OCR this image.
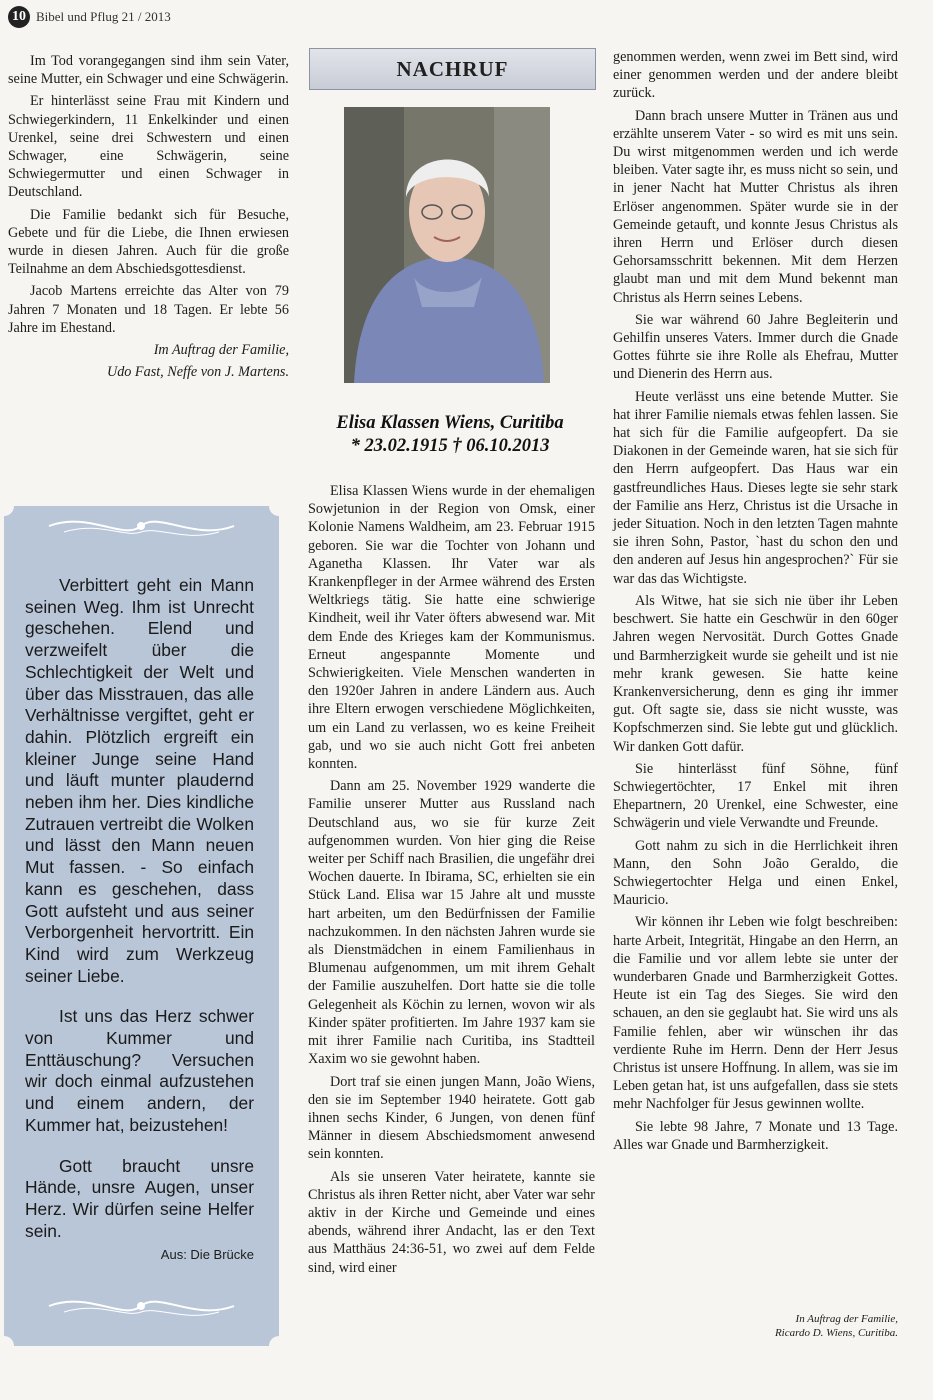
10 Bibel und Pflug 21 / 2013

Im Tod vorangegangen sind ihm sein Vater, seine Mutter, ein Schwager und eine Schwägerin.

Er hinterlässt seine Frau mit Kindern und Schwiegerkindern, 11 Enkelkinder und einen Urenkel, seine drei Schwestern und einen Schwager, eine Schwägerin, seine Schwiegermutter und einen Schwager in Deutschland.

Die Familie bedankt sich für Besuche, Gebete und für die Liebe, die Ihnen erwiesen wurde in diesen Jahren. Auch für die große Teilnahme an dem Abschiedsgottesdienst.

Jacob Martens erreichte das Alter von 79 Jahren 7 Monaten und 18 Tagen. Er lebte 56 Jahre im Ehestand.

Im Auftrag der Familie,

Udo Fast, Neffe von J. Martens.

Verbittert geht ein Mann seinen Weg. Ihm ist Unrecht geschehen. Elend und verzweifelt über die Schlechtigkeit der Welt und über das Misstrauen, das alle Verhältnisse vergiftet, geht er dahin. Plötzlich ergreift ein kleiner Junge seine Hand und läuft munter plaudernd neben ihm her. Dies kindliche Zutrauen vertreibt die Wolken und lässt den Mann neuen Mut fassen. - So einfach kann es geschehen, dass Gott aufsteht und aus seiner Verborgenheit hervortritt. Ein Kind wird zum Werkzeug seiner Liebe.

Ist uns das Herz schwer von Kummer und Enttäuschung? Versuchen wir doch einmal aufzustehen und einem andern, der Kummer hat, beizustehen!

Gott braucht unsre Hände, unsre Augen, unser Herz. Wir dürfen seine Helfer sein.

Aus: Die Brücke
NACHRUF
Elisa Klassen Wiens, Curitiba
* 23.02.1915 † 06.10.2013

Elisa Klassen Wiens wurde in der ehemaligen Sowjetunion in der Region von Omsk, einer Kolonie Namens Waldheim, am 23. Februar 1915 geboren. Sie war die Tochter von Johann und Aganetha Klassen. Ihr Vater war als Krankenpfleger in der Armee während des Ersten Weltkriegs tätig. Sie hatte eine schwierige Kindheit, weil ihr Vater öfters abwesend war. Mit dem Ende des Krieges kam der Kommunismus. Erneut angespannte Momente und Schwierigkeiten. Viele Menschen wanderten in den 1920er Jahren in andere Ländern aus. Auch ihre Eltern erwogen verschiedene Möglichkeiten, um ein Land zu verlassen, wo es keine Freiheit gab, und wo sie auch nicht Gott frei anbeten konnten.

Dann am 25. November 1929 wanderte die Familie unserer Mutter aus Russland nach Deutschland aus, wo sie für kurze Zeit aufgenommen wurden. Von hier ging die Reise weiter per Schiff nach Brasilien, die ungefähr drei Wochen dauerte. In Ibirama, SC, erhielten sie ein Stück Land. Elisa war 15 Jahre alt und musste hart arbeiten, um den Bedürfnissen der Familie nachzukommen. In den nächsten Jahren wurde sie als Dienstmädchen in einem Familienhaus in Blumenau aufgenommen, um mit ihrem Gehalt der Familie auszuhelfen. Dort hatte sie die tolle Gelegenheit als Köchin zu lernen, wovon wir als Kinder später profitierten. Im Jahre 1937 kam sie mit ihrer Familie nach Curitiba, ins Stadtteil Xaxim wo sie gewohnt haben.

Dort traf sie einen jungen Mann, João Wiens, den sie im September 1940 heiratete. Gott gab ihnen sechs Kinder, 6 Jungen, von denen fünf Männer in diesem Abschiedsmoment anwesend sein konnten.

Als sie unseren Vater heiratete, kannte sie Christus als ihren Retter nicht, aber Vater war sehr aktiv in der Kirche und Gemeinde und eines abends, während ihrer Andacht, las er den Text aus Matthäus 24:36-51, wo zwei auf dem Felde sind, wird einer

genommen werden, wenn zwei im Bett sind, wird einer genommen werden und der andere bleibt zurück.

Dann brach unsere Mutter in Tränen aus und erzählte unserem Vater - so wird es mit uns sein. Du wirst mitgenommen werden und ich werde bleiben. Vater sagte ihr, es muss nicht so sein, und in jener Nacht hat Mutter Christus als ihren Erlöser angenommen. Später wurde sie in der Gemeinde getauft, und konnte Jesus Christus als ihren Herrn und Erlöser durch diesen Gehorsamsschritt bekennen. Mit dem Herzen glaubt man und mit dem Mund bekennt man Christus als Herrn seines Lebens.

Sie war während 60 Jahre Begleiterin und Gehilfin unseres Vaters. Immer durch die Gnade Gottes führte sie ihre Rolle als Ehefrau, Mutter und Dienerin des Herrn aus.

Heute verlässt uns eine betende Mutter. Sie hat ihrer Familie niemals etwas fehlen lassen. Sie hat sich für die Familie aufgeopfert. Da sie Diakonen in der Gemeinde waren, hat sie sich für den Herrn aufgeopfert. Das Haus war ein gastfreundliches Haus. Dieses legte sie sehr stark der Familie ans Herz, Christus ist die Ursache in jeder Situation. Noch in den letzten Tagen mahnte sie ihren Sohn, Pastor, `hast du schon den und den anderen auf Jesus hin angesprochen?` Für sie war das das Wichtigste.

Als Witwe, hat sie sich nie über ihr Leben beschwert. Sie hatte ein Geschwür in den 60ger Jahren wegen Nervosität. Durch Gottes Gnade und Barmherzigkeit wurde sie geheilt und ist nie mehr krank gewesen. Sie hatte keine Krankenversicherung, denn es ging ihr immer gut. Oft sagte sie, dass sie nicht wusste, was Kopfschmerzen sind. Sie lebte gut und glücklich. Wir danken Gott dafür.

Sie hinterlässt fünf Söhne, fünf Schwiegertöchter, 17 Enkel mit ihren Ehepartnern, 20 Urenkel, eine Schwester, eine Schwägerin und viele Verwandte und Freunde.

Gott nahm zu sich in die Herrlichkeit ihren Mann, den Sohn João Geraldo, die Schwiegertochter Helga und einen Enkel, Mauricio.

Wir können ihr Leben wie folgt beschreiben: harte Arbeit, Integrität, Hingabe an den Herrn, an die Familie und vor allem lebte sie unter der wunderbaren Gnade und Barmherzigkeit Gottes. Heute ist ein Tag des Sieges. Sie wird den schauen, an den sie geglaubt hat. Sie wird uns als Familie fehlen, aber wir wünschen ihr das verdiente Ruhe im Herrn. Denn der Herr Jesus Christus ist unsere Hoffnung. In allem, was sie im Leben getan hat, ist uns aufgefallen, dass sie stets mehr Nachfolger für Jesus gewinnen wollte.

Sie lebte 98 Jahre, 7 Monate und 13 Tage. Alles war Gnade und Barmherzigkeit.

In Auftrag der Familie,
Ricardo D. Wiens, Curitiba.
